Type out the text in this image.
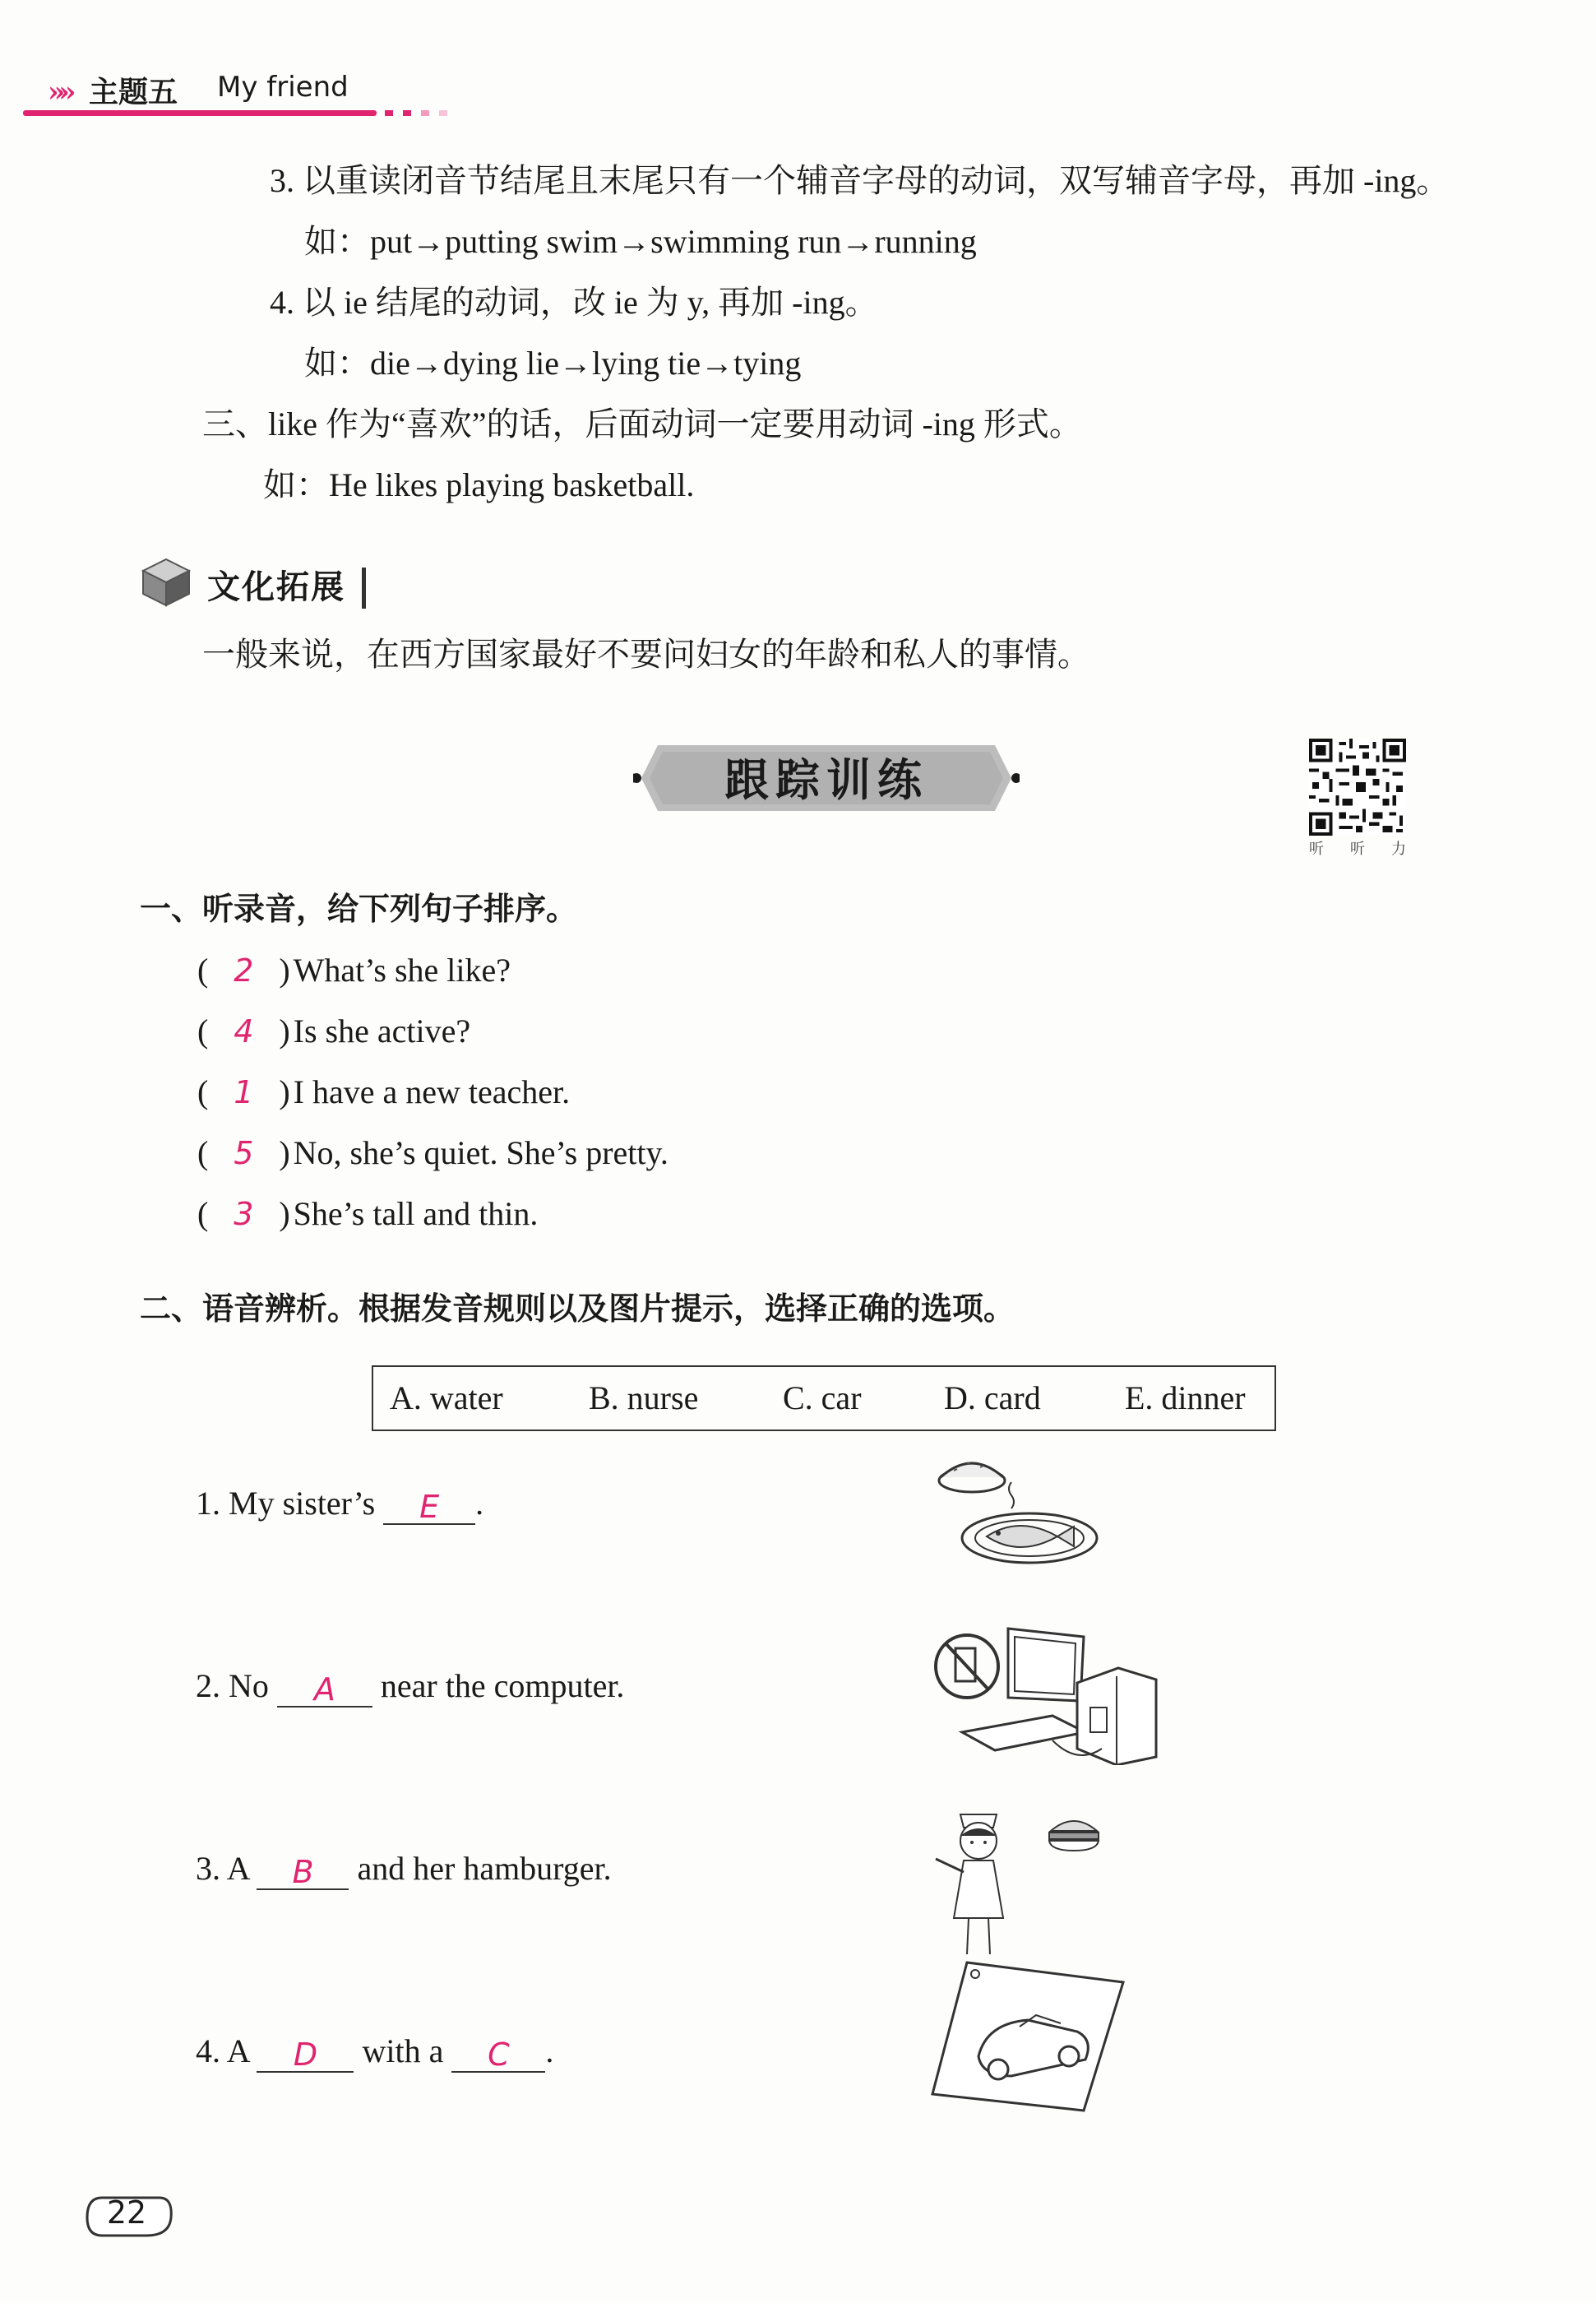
»» 主题五 My friend
3. 以重读闭音节结尾且末尾只有一个辅音字母的动词，双写辅音字母，再加 -ing。
如：put→putting swim→swimming run→running
4. 以 ie 结尾的动词，改 ie 为 y, 再加 -ing。
如：die→dying lie→lying tie→tying
三、like 作为“喜欢”的话，后面动词一定要用动词 -ing 形式。
如：He likes playing basketball.
文化拓展
一般来说，在西方国家最好不要问妇女的年龄和私人的事情。
跟踪训练
听 听 力
一、听录音，给下列句子排序。
( 2 ) What’s she like?
( 4 ) Is she active?
( 1 ) I have a new teacher.
( 5 ) No, she’s quiet. She’s pretty.
( 3 ) She’s tall and thin.
二、语音辨析。根据发音规则以及图片提示，选择正确的选项。
A. water	B. nurse	C. car	D. card	E. dinner
1. My sister’s E .
2. No A near the computer.
3. A B and her hamburger.
4. A D with a C .
22
